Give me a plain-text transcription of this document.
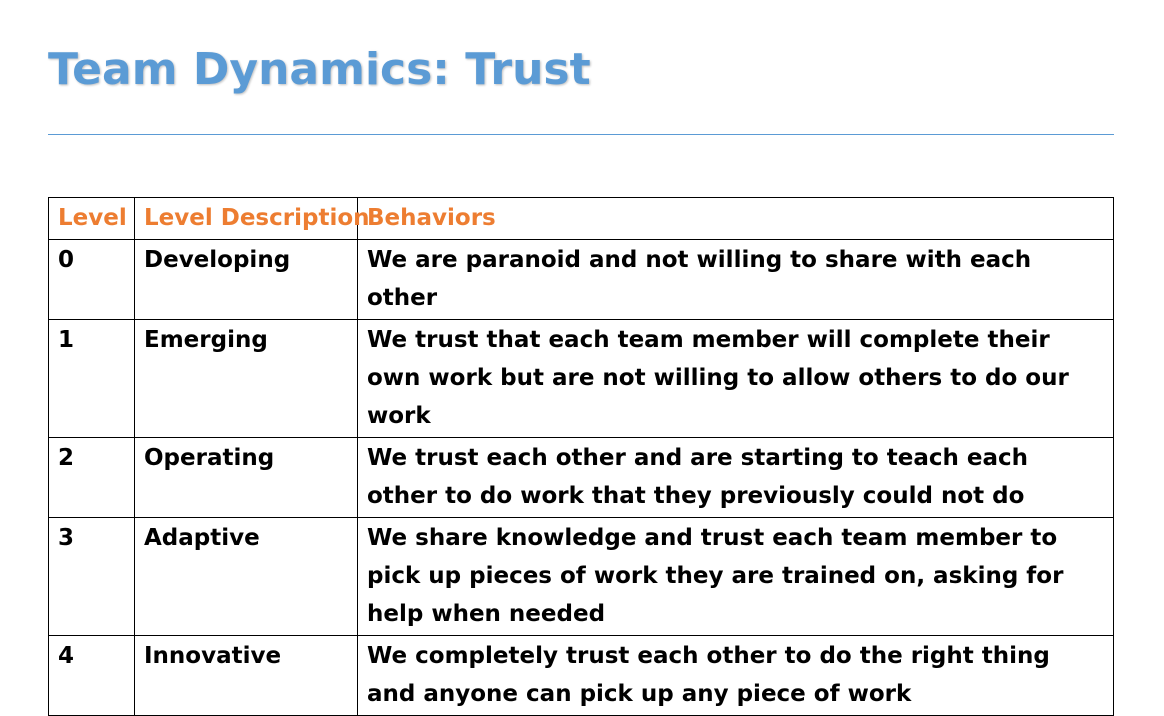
Team Dynamics: Trust
Level	Level Description	Behaviors
0	Developing	We are paranoid and not willing to share with each other
1	Emerging	We trust that each team member will complete their own work but are not willing to allow others to do our work
2	Operating	We trust each other and are starting to teach each other to do work that they previously could not do
3	Adaptive	We share knowledge and trust each team member to pick up pieces of work they are trained on, asking for help when needed
4	Innovative	We completely trust each other to do the right thing and anyone can pick up any piece of work
